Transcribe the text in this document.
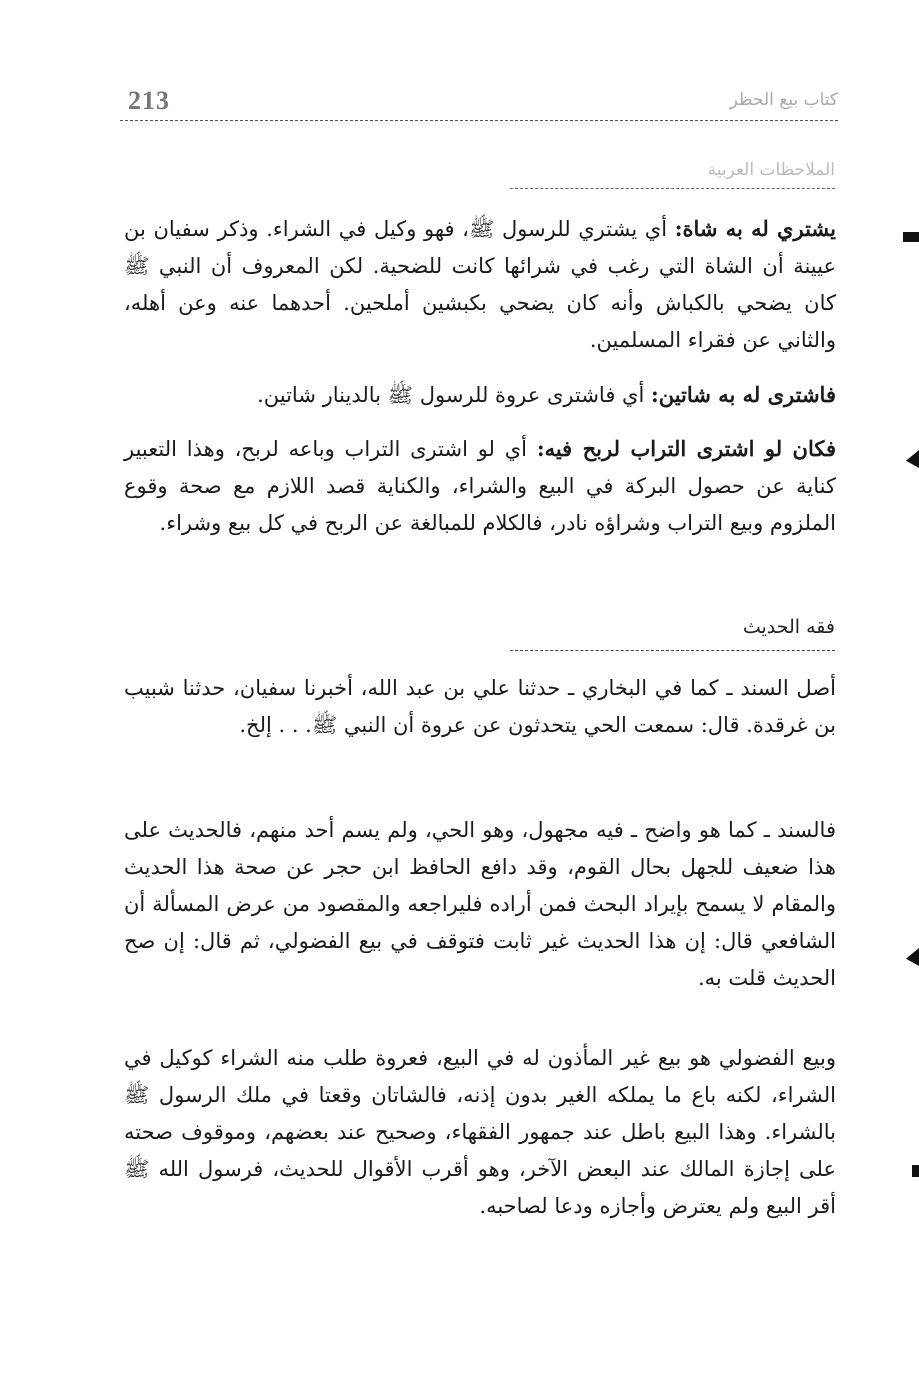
213	كتاب بيع الحظر
الملاحظات العربية

يشتري له به شاة: أي يشتري للرسول ﷺ، فهو وكيل في الشراء. وذكر سفيان بن عيينة أن الشاة التي رغب في شرائها كانت للضحية. لكن المعروف أن النبي ﷺ كان يضحي بالكباش وأنه كان يضحي بكبشين أملحين. أحدهما عنه وعن أهله، والثاني عن فقراء المسلمين.

فاشترى له به شاتين: أي فاشترى عروة للرسول ﷺ بالدينار شاتين.

فكان لو اشترى التراب لربح فيه: أي لو اشترى التراب وباعه لربح، وهذا التعبير كناية عن حصول البركة في البيع والشراء، والكناية قصد اللازم مع صحة وقوع الملزوم وبيع التراب وشراؤه نادر، فالكلام للمبالغة عن الربح في كل بيع وشراء.

فقه الحديث

أصل السند ـ كما في البخاري ـ حدثنا علي بن عبد الله، أخبرنا سفيان، حدثنا شبيب بن غرقدة. قال: سمعت الحي يتحدثون عن عروة أن النبي ﷺ. . . إلخ.

فالسند ـ كما هو واضح ـ فيه مجهول، وهو الحي، ولم يسم أحد منهم، فالحديث على هذا ضعيف للجهل بحال القوم، وقد دافع الحافظ ابن حجر عن صحة هذا الحديث والمقام لا يسمح بإيراد البحث فمن أراده فليراجعه والمقصود من عرض المسألة أن الشافعي قال: إن هذا الحديث غير ثابت فتوقف في بيع الفضولي، ثم قال: إن صح الحديث قلت به.

وبيع الفضولي هو بيع غير المأذون له في البيع، فعروة طلب منه الشراء كوكيل في الشراء، لكنه باع ما يملكه الغير بدون إذنه، فالشاتان وقعتا في ملك الرسول ﷺ بالشراء. وهذا البيع باطل عند جمهور الفقهاء، وصحيح عند بعضهم، وموقوف صحته على إجازة المالك عند البعض الآخر، وهو أقرب الأقوال للحديث، فرسول الله ﷺ أقر البيع ولم يعترض وأجازه ودعا لصاحبه.
